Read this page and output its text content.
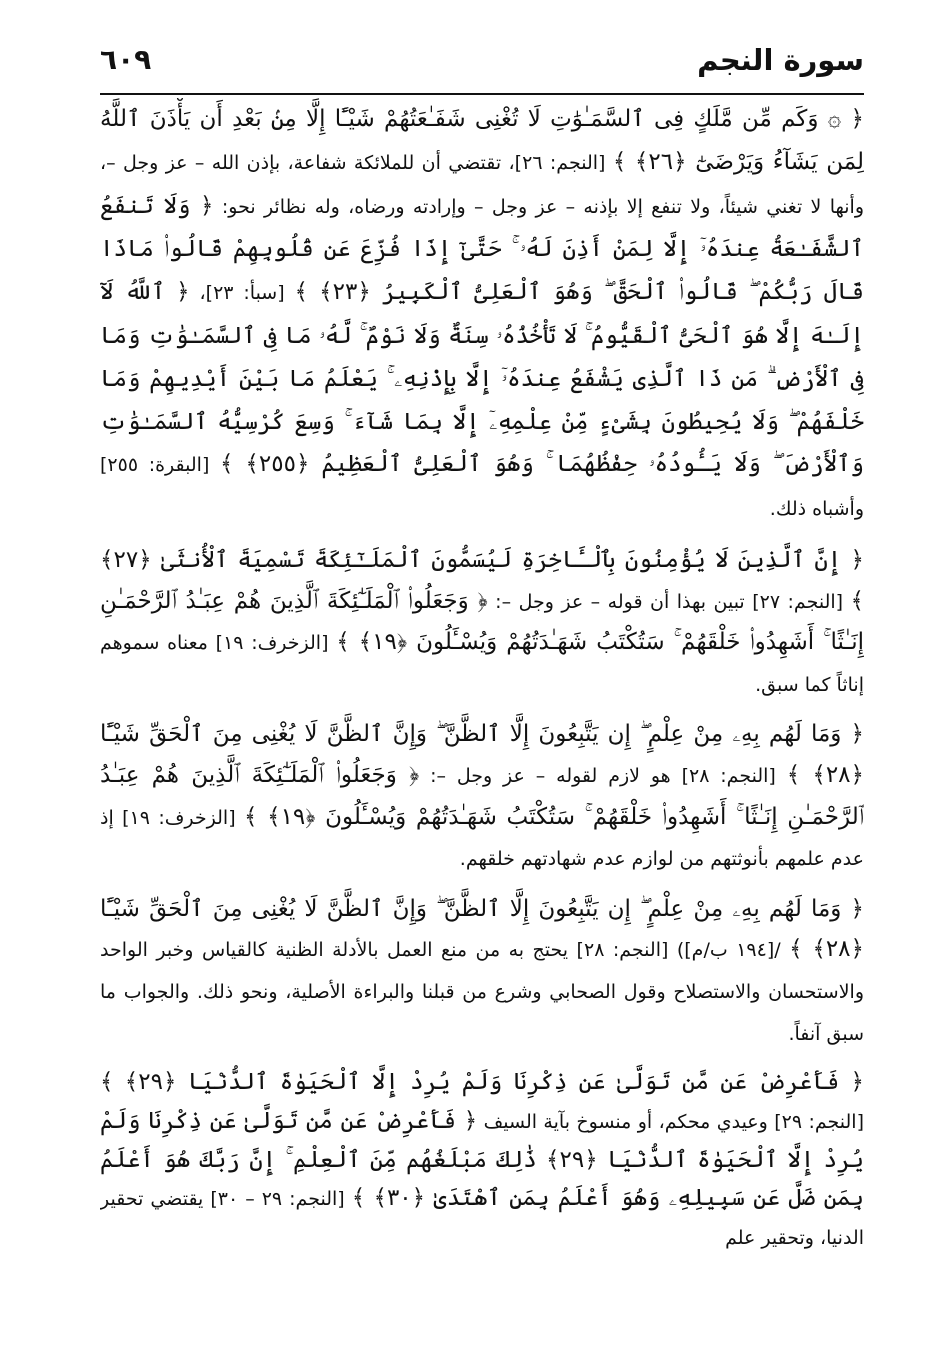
سورة النجم
٦٠٩

﴿ ۞ وَكَم مِّن مَّلَكٍ فِى ٱلسَّمَـٰوَٰتِ لَا تُغْنِى شَفَـٰعَتُهُمْ شَيْـًٔا إِلَّا مِنۢ بَعْدِ أَن يَأْذَنَ ٱللَّهُ لِمَن يَشَآءُ وَيَرْضَىٰٓ ﴿٢٦﴾ ﴾ [النجم: ٢٦]، تقتضي أن للملائكة شفاعة، بإذن الله – عز وجل –، وأنها لا تغني شيئاً، ولا تنفع إلا بإذنه – عز وجل – وإرادته ورضاه، وله نظائر نحو: ﴿ وَلَا تَنفَعُ ٱلشَّفَـٰعَةُ عِندَهُۥٓ إِلَّا لِمَنْ أَذِنَ لَهُۥ ۚ حَتَّىٰٓ إِذَا فُزِّعَ عَن قُلُوبِهِمْ قَالُوا۟ مَاذَا قَالَ رَبُّكُمْ ۖ قَالُوا۟ ٱلْحَقَّ ۖ وَهُوَ ٱلْعَلِىُّ ٱلْكَبِيرُ ﴿٢٣﴾ ﴾ [سبأ: ٢٣]، ﴿ ٱللَّهُ لَآ إِلَـٰهَ إِلَّا هُوَ ٱلْحَىُّ ٱلْقَيُّومُ ۚ لَا تَأْخُذُهُۥ سِنَةٌ وَلَا نَوْمٌ ۚ لَّهُۥ مَا فِى ٱلسَّمَـٰوَٰتِ وَمَا فِى ٱلْأَرْضِ ۗ مَن ذَا ٱلَّذِى يَشْفَعُ عِندَهُۥٓ إِلَّا بِإِذْنِهِۦ ۚ يَعْلَمُ مَا بَيْنَ أَيْدِيهِمْ وَمَا خَلْفَهُمْ ۖ وَلَا يُحِيطُونَ بِشَىْءٍ مِّنْ عِلْمِهِۦٓ إِلَّا بِمَا شَآءَ ۚ وَسِعَ كُرْسِيُّهُ ٱلسَّمَـٰوَٰتِ وَٱلْأَرْضَ ۖ وَلَا يَـُٔودُهُۥ حِفْظُهُمَا ۚ وَهُوَ ٱلْعَلِىُّ ٱلْعَظِيمُ ﴿٢٥٥﴾ ﴾ [البقرة: ٢٥٥] وأشباه ذلك.

﴿ إِنَّ ٱلَّذِينَ لَا يُؤْمِنُونَ بِٱلْـَٔاخِرَةِ لَيُسَمُّونَ ٱلْمَلَـٰٓئِكَةَ تَسْمِيَةَ ٱلْأُنثَىٰ ﴿٢٧﴾ ﴾ [النجم: ٢٧] تبين بهذا أن قوله – عز وجل –: ﴿ وَجَعَلُوا۟ ٱلْمَلَـٰٓئِكَةَ ٱلَّذِينَ هُمْ عِبَـٰدُ ٱلرَّحْمَـٰنِ إِنَـٰثًا ۚ أَشَهِدُوا۟ خَلْقَهُمْ ۚ سَتُكْتَبُ شَهَـٰدَتُهُمْ وَيُسْـَٔلُونَ ﴿١٩﴾ ﴾ [الزخرف: ١٩] معناه سموهم إناثاً كما سبق.

﴿ وَمَا لَهُم بِهِۦ مِنْ عِلْمٍ ۖ إِن يَتَّبِعُونَ إِلَّا ٱلظَّنَّ ۖ وَإِنَّ ٱلظَّنَّ لَا يُغْنِى مِنَ ٱلْحَقِّ شَيْـًٔا ﴿٢٨﴾ ﴾ [النجم: ٢٨] هو لازم لقوله – عز وجل –: ﴿ وَجَعَلُوا۟ ٱلْمَلَـٰٓئِكَةَ ٱلَّذِينَ هُمْ عِبَـٰدُ ٱلرَّحْمَـٰنِ إِنَـٰثًا ۚ أَشَهِدُوا۟ خَلْقَهُمْ ۚ سَتُكْتَبُ شَهَـٰدَتُهُمْ وَيُسْـَٔلُونَ ﴿١٩﴾ ﴾ [الزخرف: ١٩] إذ عدم علمهم بأنوثتهم من لوازم عدم شهادتهم خلقهم.

﴿ وَمَا لَهُم بِهِۦ مِنْ عِلْمٍ ۖ إِن يَتَّبِعُونَ إِلَّا ٱلظَّنَّ ۖ وَإِنَّ ٱلظَّنَّ لَا يُغْنِى مِنَ ٱلْحَقِّ شَيْـًٔا ﴿٢٨﴾ ﴾ /[١٩٤ ب/م]) [النجم: ٢٨] يحتج به من منع العمل بالأدلة الظنية كالقياس وخبر الواحد والاستحسان والاستصلاح وقول الصحابي وشرع من قبلنا والبراءة الأصلية، ونحو ذلك. والجواب ما سبق آنفاً.

﴿ فَأَعْرِضْ عَن مَّن تَوَلَّىٰ عَن ذِكْرِنَا وَلَمْ يُرِدْ إِلَّا ٱلْحَيَوٰةَ ٱلدُّنْيَا ﴿٢٩﴾ ﴾ [النجم: ٢٩] وعيدي محكم، أو منسوخ بآية السيف ﴿ فَأَعْرِضْ عَن مَّن تَوَلَّىٰ عَن ذِكْرِنَا وَلَمْ يُرِدْ إِلَّا ٱلْحَيَوٰةَ ٱلدُّنْيَا ﴿٢٩﴾ ذَٰلِكَ مَبْلَغُهُم مِّنَ ٱلْعِلْمِ ۚ إِنَّ رَبَّكَ هُوَ أَعْلَمُ بِمَن ضَلَّ عَن سَبِيلِهِۦ وَهُوَ أَعْلَمُ بِمَنِ ٱهْتَدَىٰ ﴿٣٠﴾ ﴾ [النجم: ٢٩ – ٣٠] يقتضي تحقير الدنيا، وتحقير علم
